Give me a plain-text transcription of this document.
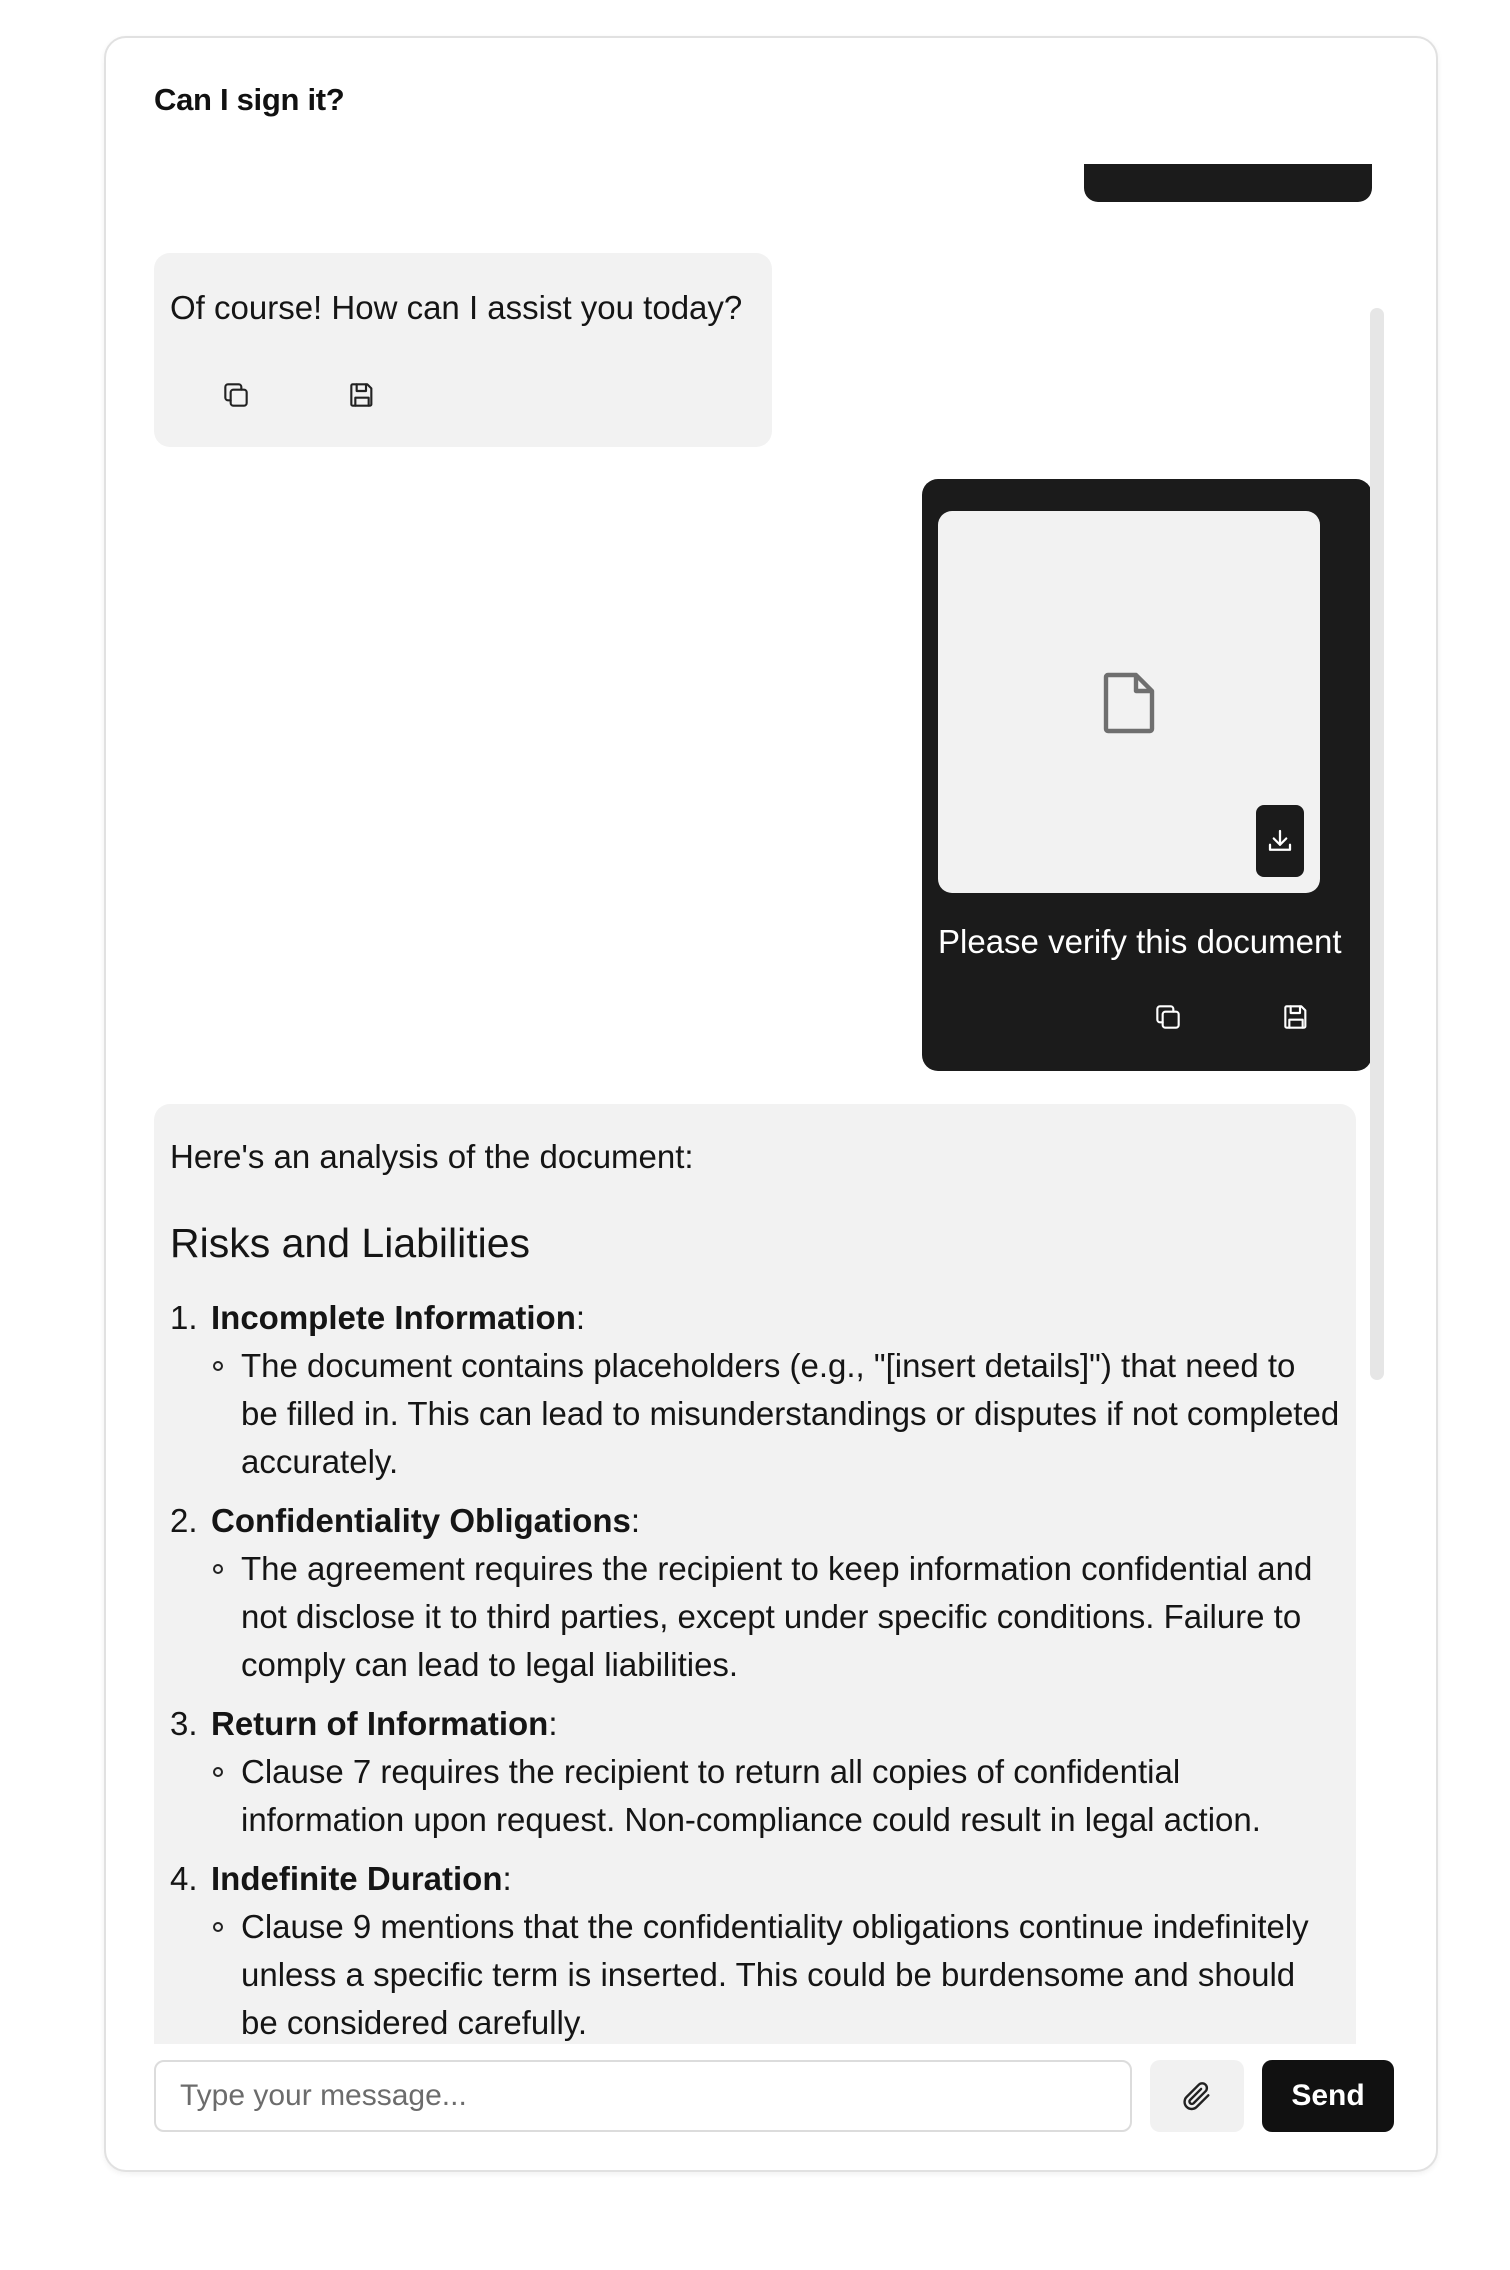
Can I sign it?
Of course! How can I assist you today?
Please verify this document
Here's an analysis of the document:
Risks and Liabilities
1. Incomplete Information:
The document contains placeholders (e.g., "[insert details]") that need to be filled in. This can lead to misunderstandings or disputes if not completed accurately.
2. Confidentiality Obligations:
The agreement requires the recipient to keep information confidential and not disclose it to third parties, except under specific conditions. Failure to comply can lead to legal liabilities.
3. Return of Information:
Clause 7 requires the recipient to return all copies of confidential information upon request. Non-compliance could result in legal action.
4. Indefinite Duration:
Clause 9 mentions that the confidentiality obligations continue indefinitely unless a specific term is inserted. This could be burdensome and should be considered carefully.
Type your message...
Send
